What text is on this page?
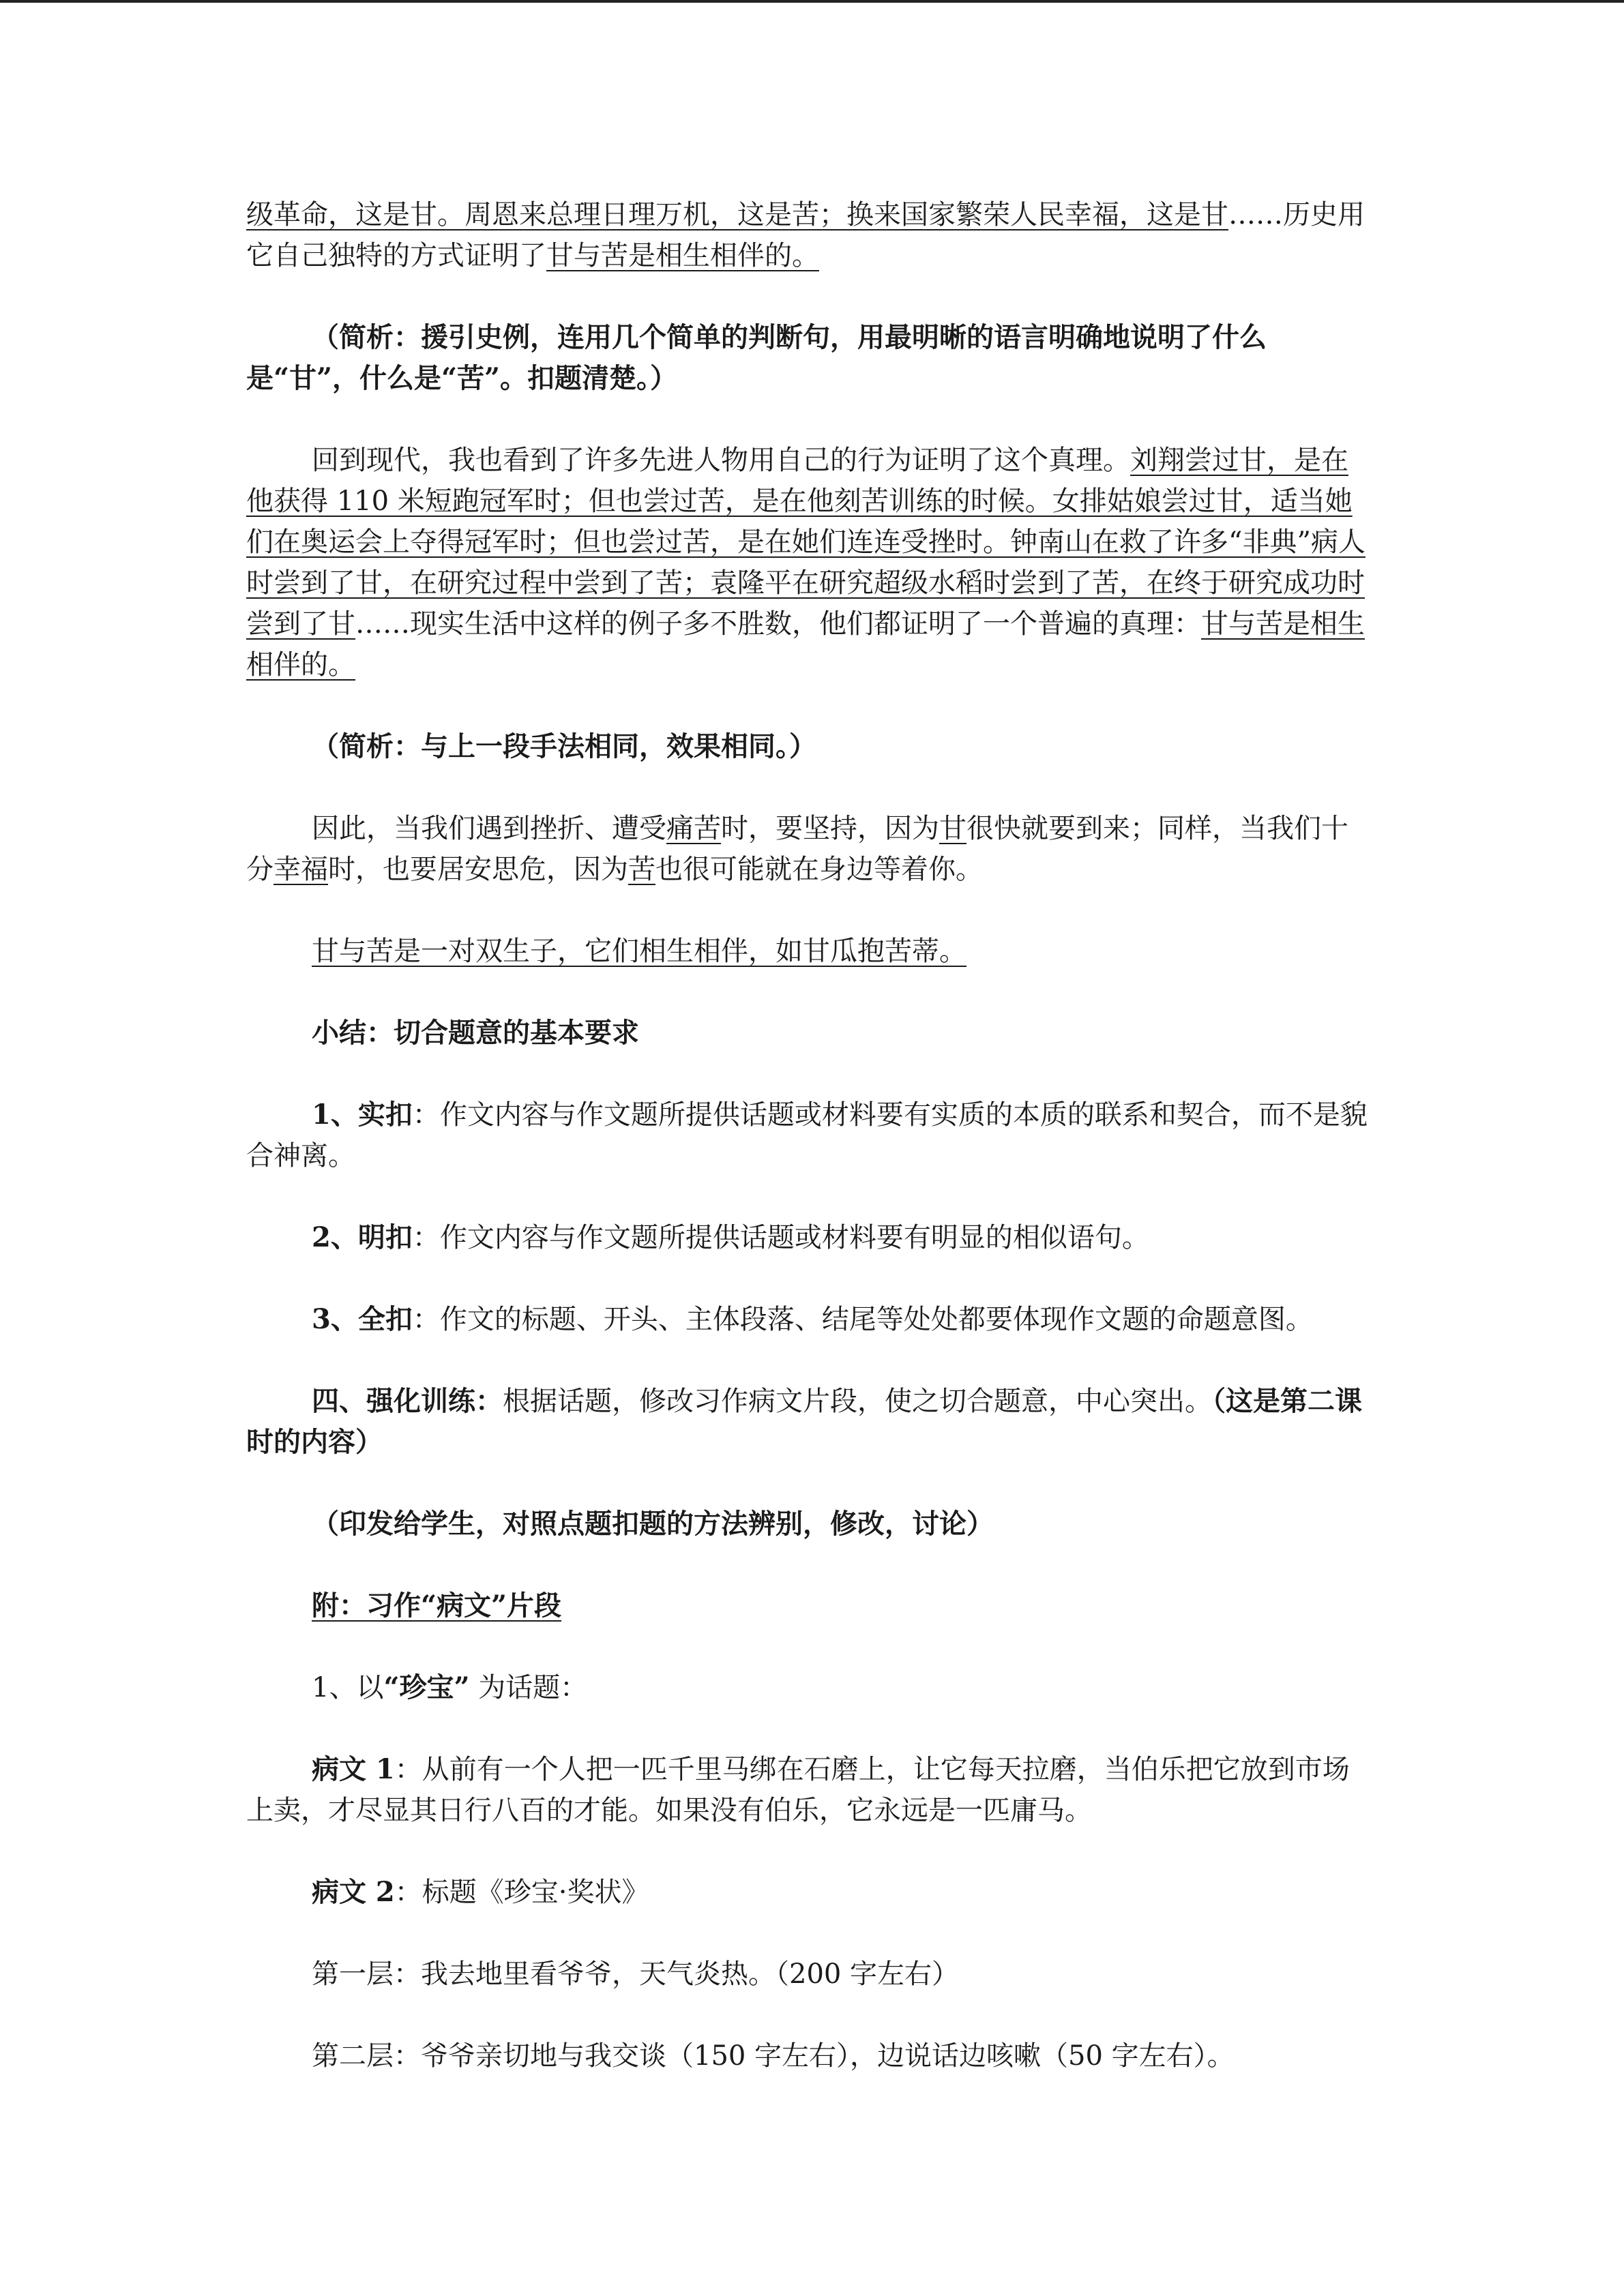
级革命，这是甘。周恩来总理日理万机，这是苦；换来国家繁荣人民幸福，这是甘……历史用它自己独特的方式证明了甘与苦是相生相伴的。

（简析：援引史例，连用几个简单的判断句，用最明晰的语言明确地说明了什么是“甘”，什么是“苦”。扣题清楚。）

回到现代，我也看到了许多先进人物用自己的行为证明了这个真理。刘翔尝过甘，是在他获得 110 米短跑冠军时；但也尝过苦，是在他刻苦训练的时候。女排姑娘尝过甘，适当她们在奥运会上夺得冠军时；但也尝过苦，是在她们连连受挫时。钟南山在救了许多“非典”病人时尝到了甘，在研究过程中尝到了苦；袁隆平在研究超级水稻时尝到了苦，在终于研究成功时尝到了甘……现实生活中这样的例子多不胜数，他们都证明了一个普遍的真理：甘与苦是相生相伴的。

（简析：与上一段手法相同，效果相同。）

因此，当我们遇到挫折、遭受痛苦时，要坚持，因为甘很快就要到来；同样，当我们十分幸福时，也要居安思危，因为苦也很可能就在身边等着你。

甘与苦是一对双生子，它们相生相伴，如甘瓜抱苦蒂。

小结：切合题意的基本要求

1、实扣：作文内容与作文题所提供话题或材料要有实质的本质的联系和契合，而不是貌合神离。

2、明扣：作文内容与作文题所提供话题或材料要有明显的相似语句。

3、全扣：作文的标题、开头、主体段落、结尾等处处都要体现作文题的命题意图。

四、强化训练：根据话题，修改习作病文片段，使之切合题意，中心突出。（这是第二课时的内容）

（印发给学生，对照点题扣题的方法辨别，修改，讨论）

附：习作“病文”片段

1、以“珍宝” 为话题：

病文 1：从前有一个人把一匹千里马绑在石磨上，让它每天拉磨，当伯乐把它放到市场上卖，才尽显其日行八百的才能。如果没有伯乐，它永远是一匹庸马。

病文 2：标题《珍宝·奖状》

第一层：我去地里看爷爷，天气炎热。（200 字左右）

第二层：爷爷亲切地与我交谈（150 字左右），边说话边咳嗽（50 字左右）。
